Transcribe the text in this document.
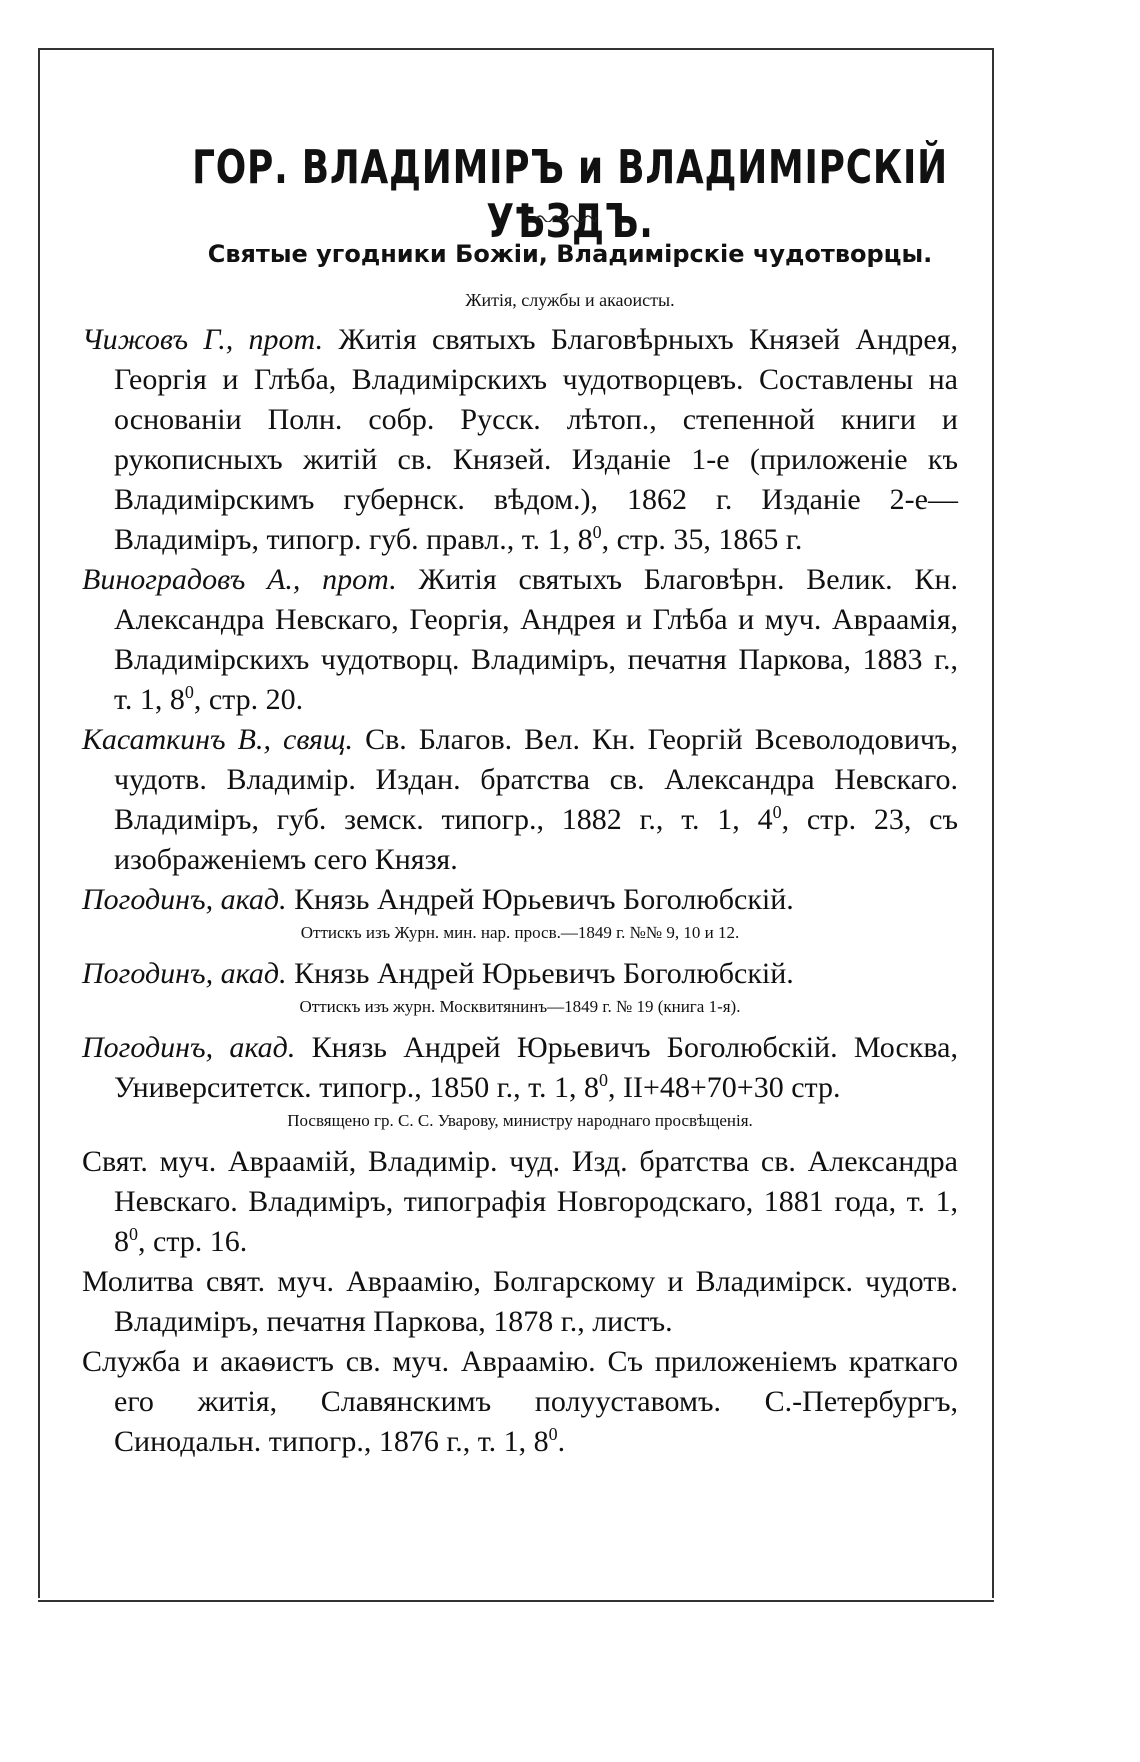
ГОР. ВЛАДИМІРЪ и ВЛАДИМІРСКІЙ УѢЗДЪ.
Святые угодники Божіи, Владимірскіе чудотворцы.
Житія, службы и акаоисты.

Чижовъ Г., прот. Житія святыхъ Благовѣрныхъ Князей Андрея, Георгія и Глѣба, Владимірскихъ чудотворцевъ. Составлены на основаніи Полн. собр. Русск. лѣтоп., степенной книги и рукописныхъ житій св. Князей. Изданіе 1-е (приложеніе къ Владимірскимъ губернск. вѣдом.), 1862 г. Изданіе 2-е—Владиміръ, типогр. губ. правл., т. 1, $8^0$, стр. 35, 1865 г.

Виноградовъ А., прот. Житія святыхъ Благовѣрн. Велик. Кн. Александра Невскаго, Георгія, Андрея и Глѣба и муч. Авраамія, Владимірскихъ чудотворц. Владиміръ, печатня Паркова, 1883 г., т. 1, $8^0$, стр. 20.

Касаткинъ В., свящ. Св. Благов. Вел. Кн. Георгій Всеволодовичъ, чудотв. Владимір. Издан. братства св. Александра Невскаго. Владиміръ, губ. земск. типогр., 1882 г., т. 1, $4^0$, стр. 23, съ изображеніемъ сего Князя.

Погодинъ, акад. Князь Андрей Юрьевичъ Боголюбскій.

Оттискъ изъ Журн. мин. нар. просв.—1849 г. №№ 9, 10 и 12.

Погодинъ, акад. Князь Андрей Юрьевичъ Боголюбскій.

Оттискъ изъ журн. Москвитянинъ—1849 г. № 19 (книга 1-я).

Погодинъ, акад. Князь Андрей Юрьевичъ Боголюбскій. Москва, Университетск. типогр., 1850 г., т. 1, $8^0$, II+48+70+30 стр.

Посвящено гр. С. С. Уварову, министру народнаго просвѣщенія.

Свят. муч. Авраамій, Владимір. чуд. Изд. братства св. Александра Невскаго. Владиміръ, типографія Новгородскаго, 1881 года, т. 1, $8^0$, стр. 16.

Молитва свят. муч. Авраамію, Болгарскому и Владимірск. чудотв. Владиміръ, печатня Паркова, 1878 г., листъ.

Служба и акаѳистъ св. муч. Авраамію. Съ приложеніемъ краткаго его житія, Славянскимъ полууставомъ. С.-Петербургъ, Синодальн. типогр., 1876 г., т. 1, $8^0$.
